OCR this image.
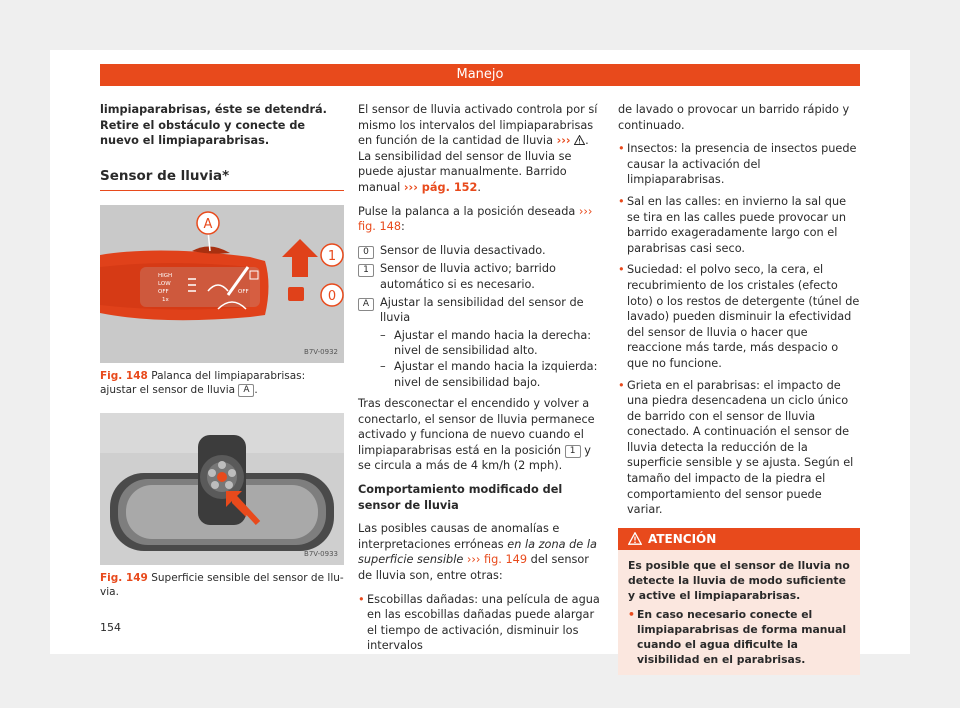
Manejo

limpiaparabrisas, éste se detendrá. Retire el obstáculo y conecte de nuevo el limpiaparabrisas.

Sensor de lluvia*
A
HIGH
LOW
OFF
1x
OFF
1
0
B7V-0932
Fig. 148 Palanca del limpiaparabrisas: ajustar el sensor de lluvia A .
B7V-0933
Fig. 149 Superficie sensible del sensor de lluvia.

El sensor de lluvia activado controla por sí mismo los intervalos del limpiaparabrisas en función de la cantidad de lluvia ››› . La sensibilidad del sensor de lluvia se puede ajustar manualmente. Barrido manual ››› pág. 152.

Pulse la palanca a la posición deseada ››› fig. 148:

0 Sensor de lluvia desactivado.
1 Sensor de lluvia activo; barrido automático si es necesario.
A Ajustar la sensibilidad del sensor de lluvia
– Ajustar el mando hacia la derecha: nivel de sensibilidad alto.
– Ajustar el mando hacia la izquierda: nivel de sensibilidad bajo.

Tras desconectar el encendido y volver a conectarlo, el sensor de lluvia permanece activado y funciona de nuevo cuando el limpiaparabrisas está en la posición 1 y se circula a más de 4 km/h (2 mph).

Comportamiento modificado del sensor de lluvia

Las posibles causas de anomalías e interpretaciones erróneas en la zona de la superficie sensible ››› fig. 149 del sensor de lluvia son, entre otras:

• Escobillas dañadas: una película de agua en las escobillas dañadas puede alargar el tiempo de activación, disminuir los intervalos

de lavado o provocar un barrido rápido y continuado.

• Insectos: la presencia de insectos puede causar la activación del limpiaparabrisas.
• Sal en las calles: en invierno la sal que se tira en las calles puede provocar un barrido exageradamente largo con el parabrisas casi seco.
• Suciedad: el polvo seco, la cera, el recubrimiento de los cristales (efecto loto) o los restos de detergente (túnel de lavado) pueden disminuir la efectividad del sensor de lluvia o hacer que reaccione más tarde, más despacio o que no funcione.
• Grieta en el parabrisas: el impacto de una piedra desencadena un ciclo único de barrido con el sensor de lluvia conectado. A continuación el sensor de lluvia detecta la reducción de la superficie sensible y se ajusta. Según el tamaño del impacto de la piedra el comportamiento del sensor puede variar.
ATENCIÓN
Es posible que el sensor de lluvia no detecte la lluvia de modo suficiente y active el limpiaparabrisas.
• En caso necesario conecte el limpiaparabrisas de forma manual cuando el agua dificulte la visibilidad en el parabrisas.
154
